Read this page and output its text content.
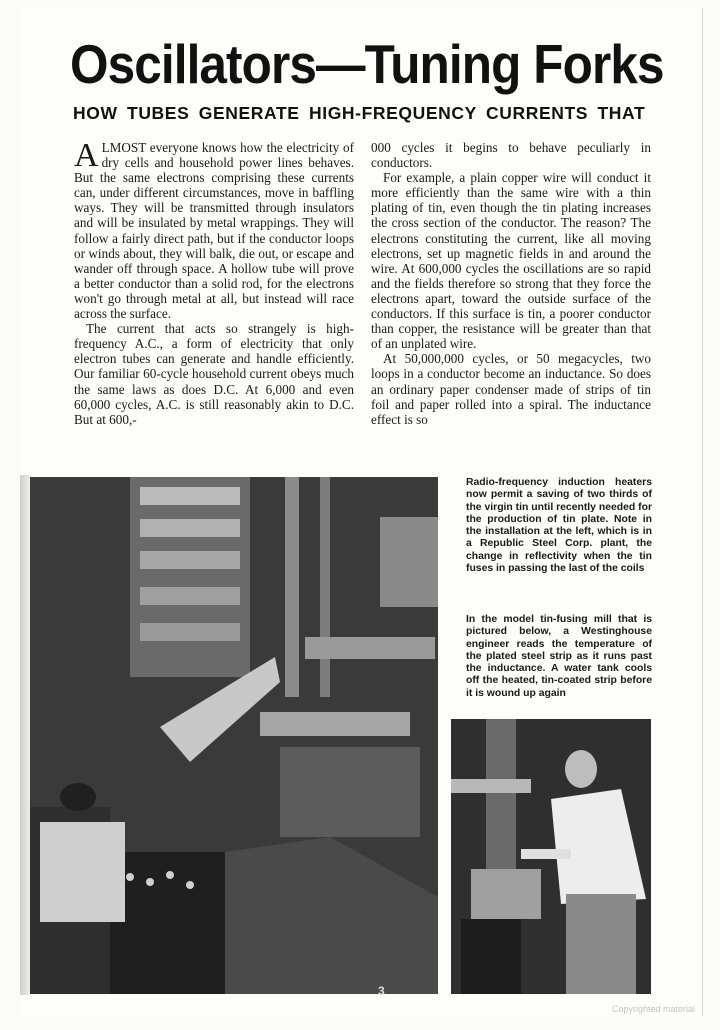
Oscillators—Tuning Forks
HOW TUBES GENERATE HIGH-FREQUENCY CURRENTS THAT

ALMOST everyone knows how the electricity of dry cells and household power lines behaves. But the same electrons comprising these currents can, under different circumstances, move in baffling ways. They will be transmitted through insulators and will be insulated by metal wrappings. They will follow a fairly direct path, but if the conductor loops or winds about, they will balk, die out, or escape and wander off through space. A hollow tube will prove a better conductor than a solid rod, for the electrons won't go through metal at all, but instead will race across the surface.

The current that acts so strangely is high-frequency A.C., a form of electricity that only electron tubes can generate and handle efficiently. Our familiar 60-cycle household current obeys much the same laws as does D.C. At 6,000 and even 60,000 cycles, A.C. is still reasonably akin to D.C. But at 600,-

000 cycles it begins to behave peculiarly in conductors.

For example, a plain copper wire will conduct it more efficiently than the same wire with a thin plating of tin, even though the tin plating increases the cross section of the conductor. The reason? The electrons constituting the current, like all moving electrons, set up magnetic fields in and around the wire. At 600,000 cycles the oscillations are so rapid and the fields therefore so strong that they force the electrons apart, toward the outside surface of the conductors. If this surface is tin, a poorer conductor than copper, the resistance will be greater than that of an unplated wire.

At 50,000,000 cycles, or 50 megacycles, two loops in a conductor become an inductance. So does an ordinary paper condenser made of strips of tin foil and paper rolled into a spiral. The inductance effect is so

Radio-frequency induction heaters now permit a saving of two thirds of the virgin tin until recently needed for the production of tin plate. Note in the installation at the left, which is in a Republic Steel Corp. plant, the change in reflectivity when the tin fuses in passing the last of the coils

In the model tin-fusing mill that is pictured below, a Westinghouse engineer reads the temperature of the plated steel strip as it runs past the inductance. A water tank cools off the heated, tin-coated strip before it is wound up again

3

Copyrighted material
